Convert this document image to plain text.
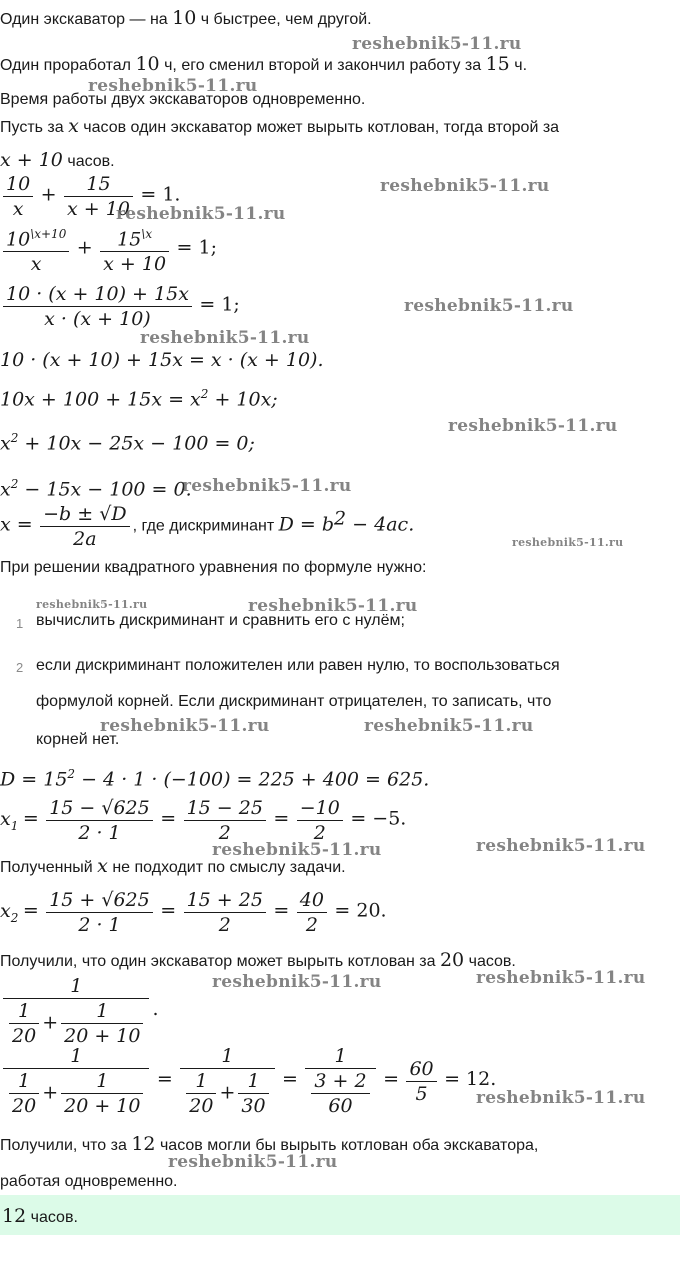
Один экскаватор — на 10 ч быстрее, чем другой.
Один проработал 10 ч, его сменил второй и закончил работу за 15 ч.
Время работы двух экскаваторов одновременно.
Пусть за x часов один экскаватор может вырыть котлован, тогда второй за
x + 10 часов.
$\frac{10}{x} + \frac{15}{x + 10} = 1$.
$\frac{10^{\backslash x+10}}{x} + \frac{15^{\backslash x}}{x + 10} = 1$;
$\frac{10 \cdot (x + 10) + 15x}{x \cdot (x + 10)} = 1$;
10 · (x + 10) + 15x = x · (x + 10).
$10x + 100 + 15x = x^2 + 10x$;
$x^2 + 10x - 25x - 100 = 0$;
$x^2 - 15x - 100 = 0$.
$x = \frac{-b \pm √D}{2a}$ , где дискриминант $D = b^2 - 4ac$.
При решении квадратного уравнения по формуле нужно:
1 вычислить дискриминант и сравнить его с нулём;
2 если дискриминант положителен или равен нулю, то воспользоваться
формулой корней. Если дискриминант отрицателен, то записать, что
корней нет.
$D = 15^2 - 4 \cdot 1 \cdot (-100) = 225 + 400 = 625$.
$x_1 = \frac{15 - √625}{2 \cdot 1} = \frac{15 - 25}{2} = \frac{-10}{2} = -5$.
Полученный x не подходит по смыслу задачи.
$x_2 = \frac{15 + √625}{2 \cdot 1} = \frac{15 + 25}{2} = \frac{40}{2} = 20$.
Получили, что один экскаватор может вырыть котлован за 20 часов.
$\frac{1}{\frac{1}{20} + \frac{1}{20 + 10}}$ .
$\frac{1}{\frac{1}{20} + \frac{1}{20 + 10}} = \frac{1}{\frac{1}{20} + \frac{1}{30}} = \frac{1}{\frac{3 + 2}{60}} = \frac{60}{5} = 12$.
Получили, что за 12 часов могли бы вырыть котлован оба экскаватора,
работая одновременно.
12 часов.
reshebnik5-11.ru
reshebnik5-11.ru
reshebnik5-11.ru
reshebnik5-11.ru
reshebnik5-11.ru
reshebnik5-11.ru
reshebnik5-11.ru
reshebnik5-11.ru
reshebnik5-11.ru
reshebnik5-11.ru	reshebnik5-11.ru
reshebnik5-11.ru	reshebnik5-11.ru
reshebnik5-11.ru	reshebnik5-11.ru
reshebnik5-11.ru
reshebnik5-11.ru
reshebnik5-11.ru
reshebnik5-11.ru
